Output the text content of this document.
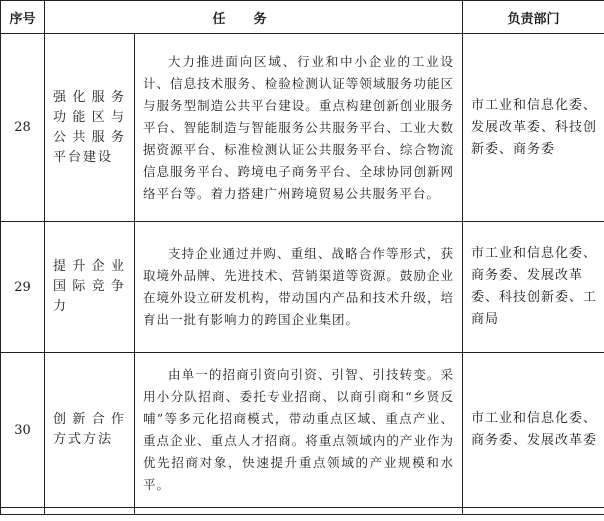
序号	任务		负责部门
28	强化服务功能区与公共服务平台建设	大力推进面向区域、行业和中小企业的工业设计、信息技术服务、检验检测认证等领域服务功能区与服务型制造公共平台建设。重点构建创新创业服务平台、智能制造与智能服务公共服务平台、工业大数据资源平台、标准检测认证公共服务平台、综合物流信息服务平台、跨境电子商务平台、全球协同创新网络平台等。着力搭建广州跨境贸易公共服务平台。	市工业和信息化委、发展改革委、科技创新委、商务委
29	提升企业国际竞争力	支持企业通过并购、重组、战略合作等形式，获取境外品牌、先进技术、营销渠道等资源。鼓励企业在境外设立研发机构，带动国内产品和技术升级，培育出一批有影响力的跨国企业集团。	市工业和信息化委、商务委、发展改革委、科技创新委、工商局
30	创新合作方式方法	由单一的招商引资向引资、引智、引技转变。采用小分队招商、委托专业招商、以商引商和“乡贤反哺”等多元化招商模式，带动重点区域、重点产业、重点企业、重点人才招商。将重点领域内的产业作为优先招商对象，快速提升重点领域的产业规模和水平。	市工业和信息化委、商务委、发展改革委
